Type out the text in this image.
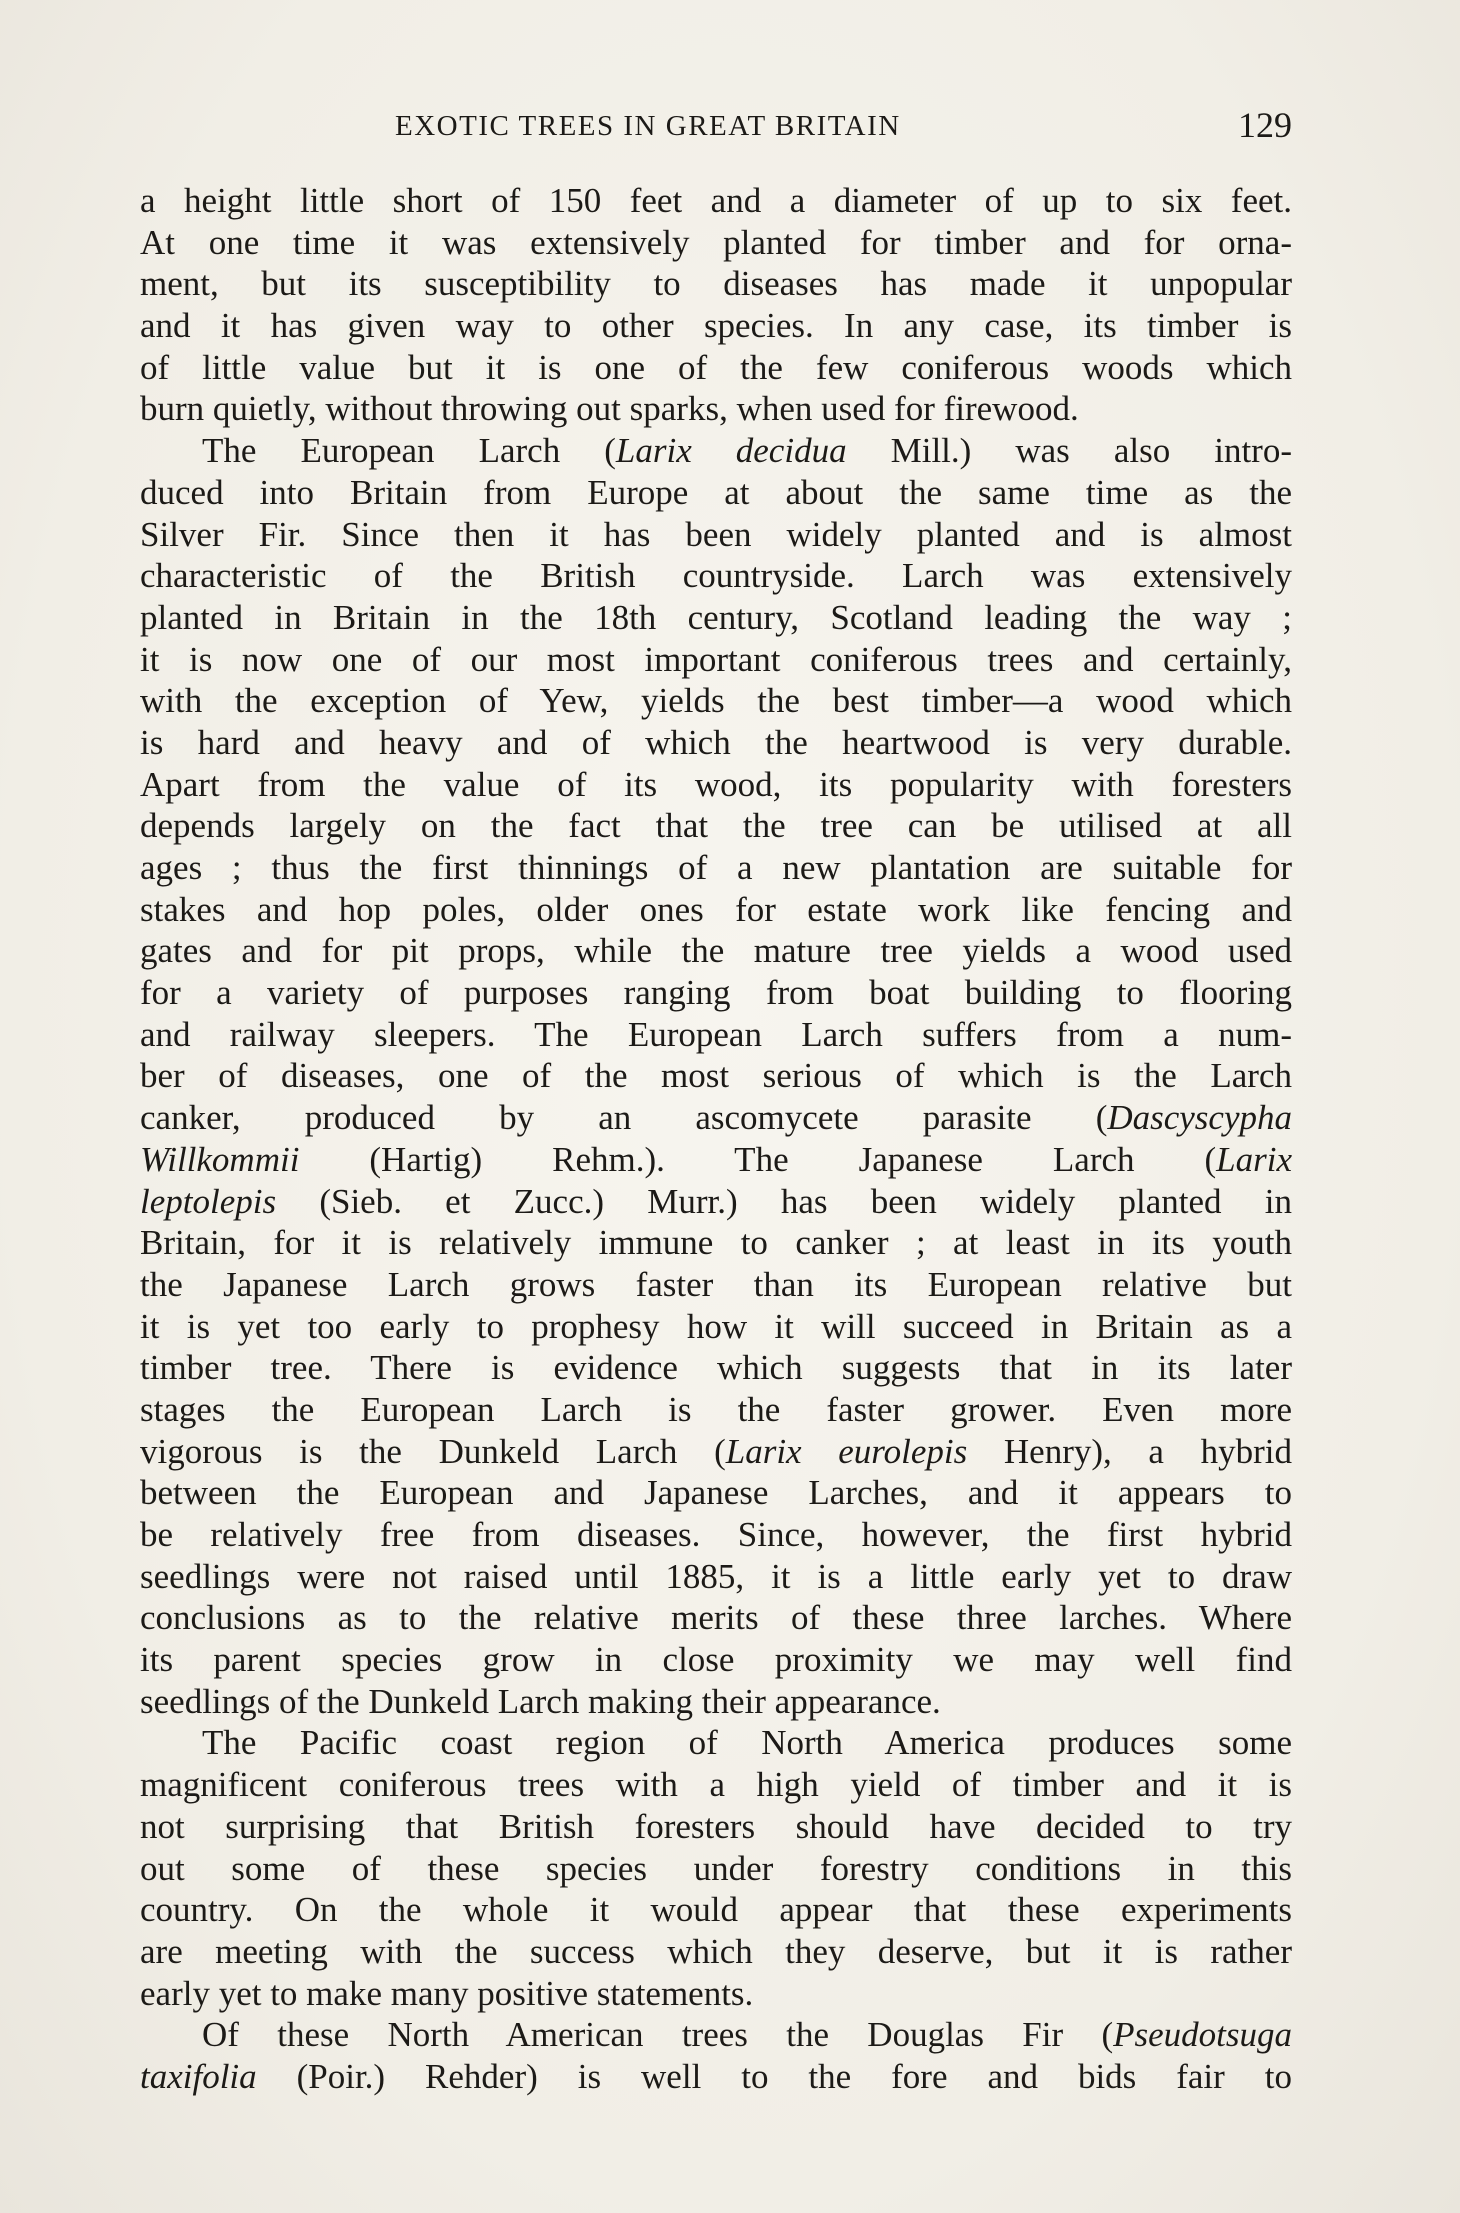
EXOTIC TREES IN GREAT BRITAIN	129
a height little short of 150 feet and a diameter of up to six feet.
At one time it was extensively planted for timber and for orna-
ment, but its susceptibility to diseases has made it unpopular
and it has given way to other species. In any case, its timber is
of little value but it is one of the few coniferous woods which
burn quietly, without throwing out sparks, when used for firewood.
The European Larch (Larix decidua Mill.) was also intro-
duced into Britain from Europe at about the same time as the
Silver Fir. Since then it has been widely planted and is almost
characteristic of the British countryside. Larch was extensively
planted in Britain in the 18th century, Scotland leading the way ;
it is now one of our most important coniferous trees and certainly,
with the exception of Yew, yields the best timber—a wood which
is hard and heavy and of which the heartwood is very durable.
Apart from the value of its wood, its popularity with foresters
depends largely on the fact that the tree can be utilised at all
ages ; thus the first thinnings of a new plantation are suitable for
stakes and hop poles, older ones for estate work like fencing and
gates and for pit props, while the mature tree yields a wood used
for a variety of purposes ranging from boat building to flooring
and railway sleepers. The European Larch suffers from a num-
ber of diseases, one of the most serious of which is the Larch
canker, produced by an ascomycete parasite (Dascyscypha
Willkommii (Hartig) Rehm.). The Japanese Larch (Larix
leptolepis (Sieb. et Zucc.) Murr.) has been widely planted in
Britain, for it is relatively immune to canker ; at least in its youth
the Japanese Larch grows faster than its European relative but
it is yet too early to prophesy how it will succeed in Britain as a
timber tree. There is evidence which suggests that in its later
stages the European Larch is the faster grower. Even more
vigorous is the Dunkeld Larch (Larix eurolepis Henry), a hybrid
between the European and Japanese Larches, and it appears to
be relatively free from diseases. Since, however, the first hybrid
seedlings were not raised until 1885, it is a little early yet to draw
conclusions as to the relative merits of these three larches. Where
its parent species grow in close proximity we may well find
seedlings of the Dunkeld Larch making their appearance.
The Pacific coast region of North America produces some
magnificent coniferous trees with a high yield of timber and it is
not surprising that British foresters should have decided to try
out some of these species under forestry conditions in this
country. On the whole it would appear that these experiments
are meeting with the success which they deserve, but it is rather
early yet to make many positive statements.
Of these North American trees the Douglas Fir (Pseudotsuga
taxifolia (Poir.) Rehder) is well to the fore and bids fair to
